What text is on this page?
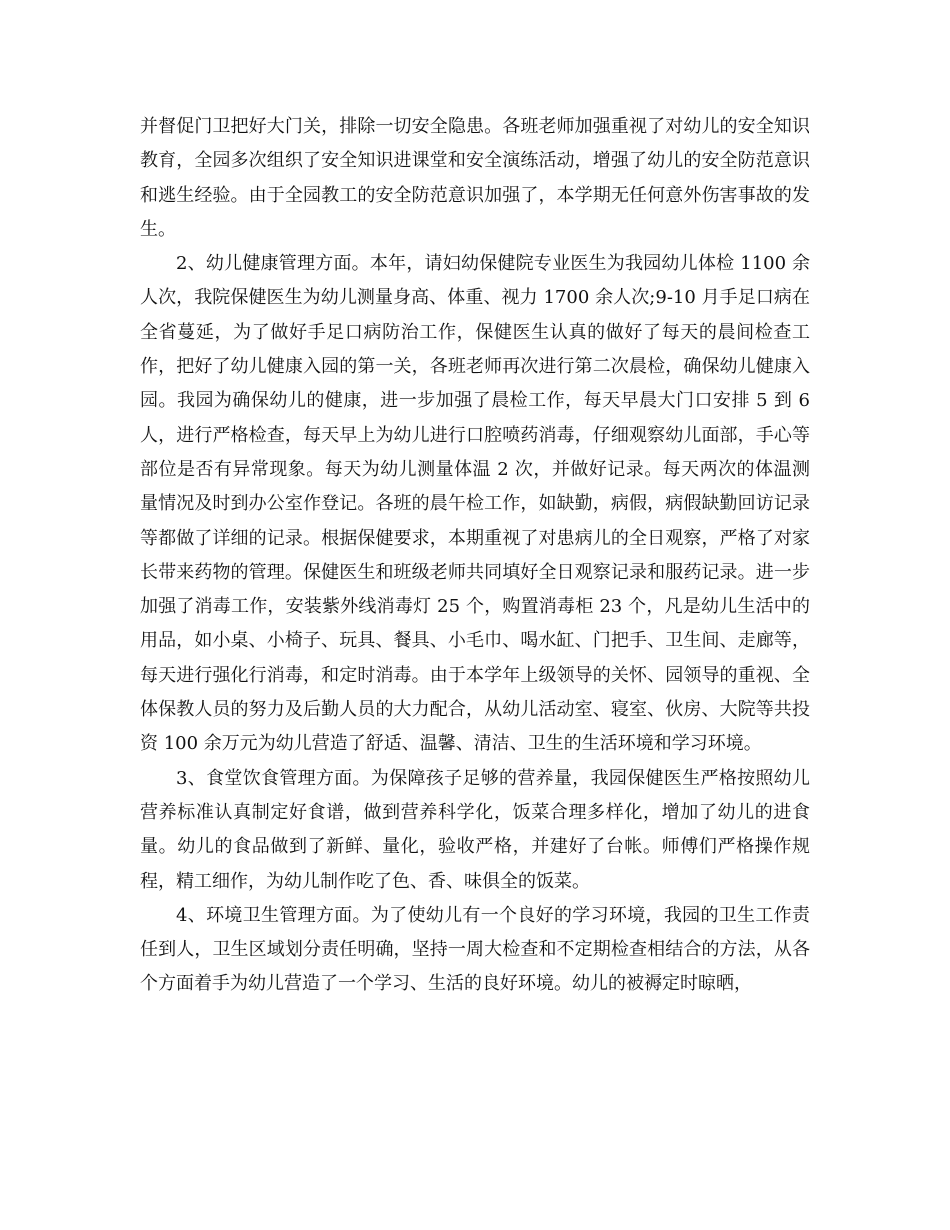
并督促门卫把好大门关，排除一切安全隐患。各班老师加强重视了对幼儿的安全知识教育，全园多次组织了安全知识进课堂和安全演练活动，增强了幼儿的安全防范意识和逃生经验。由于全园教工的安全防范意识加强了，本学期无任何意外伤害事故的发生。

2、幼儿健康管理方面。本年，请妇幼保健院专业医生为我园幼儿体检 1100 余人次，我院保健医生为幼儿测量身高、体重、视力 1700 余人次;9-10 月手足口病在全省蔓延，为了做好手足口病防治工作，保健医生认真的做好了每天的晨间检查工作，把好了幼儿健康入园的第一关，各班老师再次进行第二次晨检，确保幼儿健康入园。我园为确保幼儿的健康，进一步加强了晨检工作，每天早晨大门口安排 5 到 6 人，进行严格检查，每天早上为幼儿进行口腔喷药消毒，仔细观察幼儿面部，手心等部位是否有异常现象。每天为幼儿测量体温 2 次，并做好记录。每天两次的体温测量情况及时到办公室作登记。各班的晨午检工作，如缺勤，病假，病假缺勤回访记录等都做了详细的记录。根据保健要求，本期重视了对患病儿的全日观察，严格了对家长带来药物的管理。保健医生和班级老师共同填好全日观察记录和服药记录。进一步加强了消毒工作，安装紫外线消毒灯 25 个，购置消毒柜 23 个，凡是幼儿生活中的用品，如小桌、小椅子、玩具、餐具、小毛巾、喝水缸、门把手、卫生间、走廊等，每天进行强化行消毒，和定时消毒。由于本学年上级领导的关怀、园领导的重视、全体保教人员的努力及后勤人员的大力配合，从幼儿活动室、寝室、伙房、大院等共投资 100 余万元为幼儿营造了舒适、温馨、清洁、卫生的生活环境和学习环境。

3、食堂饮食管理方面。为保障孩子足够的营养量，我园保健医生严格按照幼儿营养标准认真制定好食谱，做到营养科学化，饭菜合理多样化，增加了幼儿的进食量。幼儿的食品做到了新鲜、量化，验收严格，并建好了台帐。师傅们严格操作规程，精工细作，为幼儿制作吃了色、香、味俱全的饭菜。

4、环境卫生管理方面。为了使幼儿有一个良好的学习环境，我园的卫生工作责任到人，卫生区域划分责任明确，坚持一周大检查和不定期检查相结合的方法，从各个方面着手为幼儿营造了一个学习、生活的良好环境。幼儿的被褥定时晾晒，
